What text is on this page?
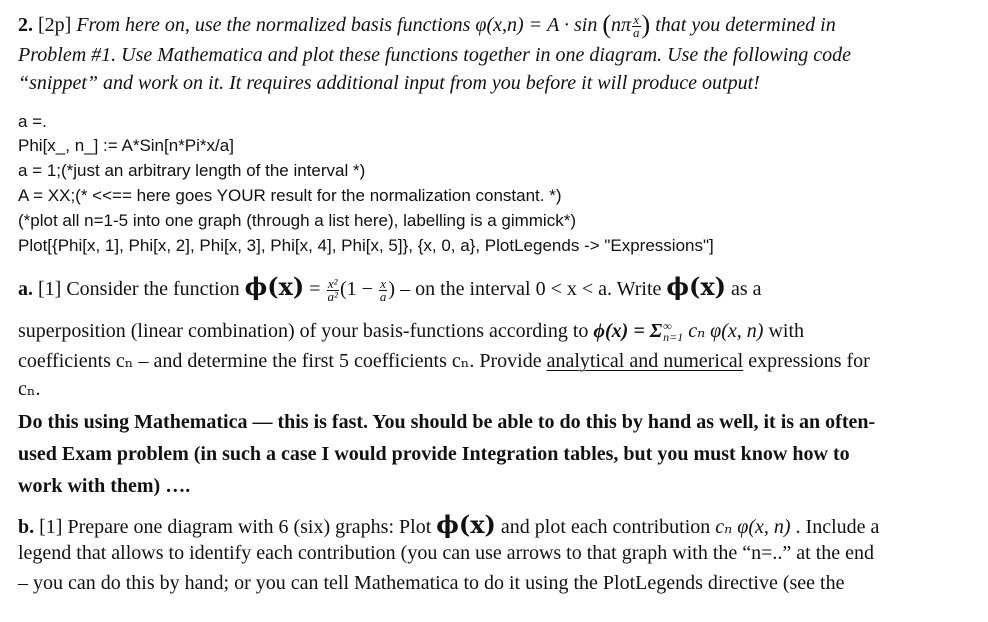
2. [2p] From here on, use the normalized basis functions $\varphi(x,n) = A \cdot \sin (n\pi \frac{x}{a}$ ) that you determined in
Problem #1. Use Mathematica and plot these functions together in one diagram. Use the following code
“snippet” and work on it. It requires additional input from you before it will produce output!
a =.
Phi[x_, n_] := A*Sin[n*Pi*x/a]
a = 1;(*just an arbitrary length of the interval *)
A = XX;(* <<== here goes YOUR result for the normalization constant. *)
(*plot all n=1-5 into one graph (through a list here), labelling is a gimmick*)
Plot[{Phi[x, 1], Phi[x, 2], Phi[x, 3], Phi[x, 4], Phi[x, 5]}, {x, 0, a}, PlotLegends -> "Expressions"]
a. [1] Consider the function $\phi(x) = \frac{\text{x²}}{\text{a²}} (1 - \frac{x}{a}$ ) – on the interval 0 < x < a. Write ϕ(x) as a
superposition (linear combination) of your basis-functions according to ϕ(x) = Σ ∞
n=1 cₙ φ(x, n) with
coefficients cₙ – and determine the first 5 coefficients cₙ. Provide analytical and numerical expressions for
cₙ.
Do this using Mathematica — this is fast. You should be able to do this by hand as well, it is an often-
used Exam problem (in such a case I would provide Integration tables, but you must know how to
work with them) ….
b. [1] Prepare one diagram with 6 (six) graphs: Plot ϕ(x) and plot each contribution cₙ φ(x, n) . Include a
legend that allows to identify each contribution (you can use arrows to that graph with the “n=..” at the end
– you can do this by hand; or you can tell Mathematica to do it using the PlotLegends directive (see the
